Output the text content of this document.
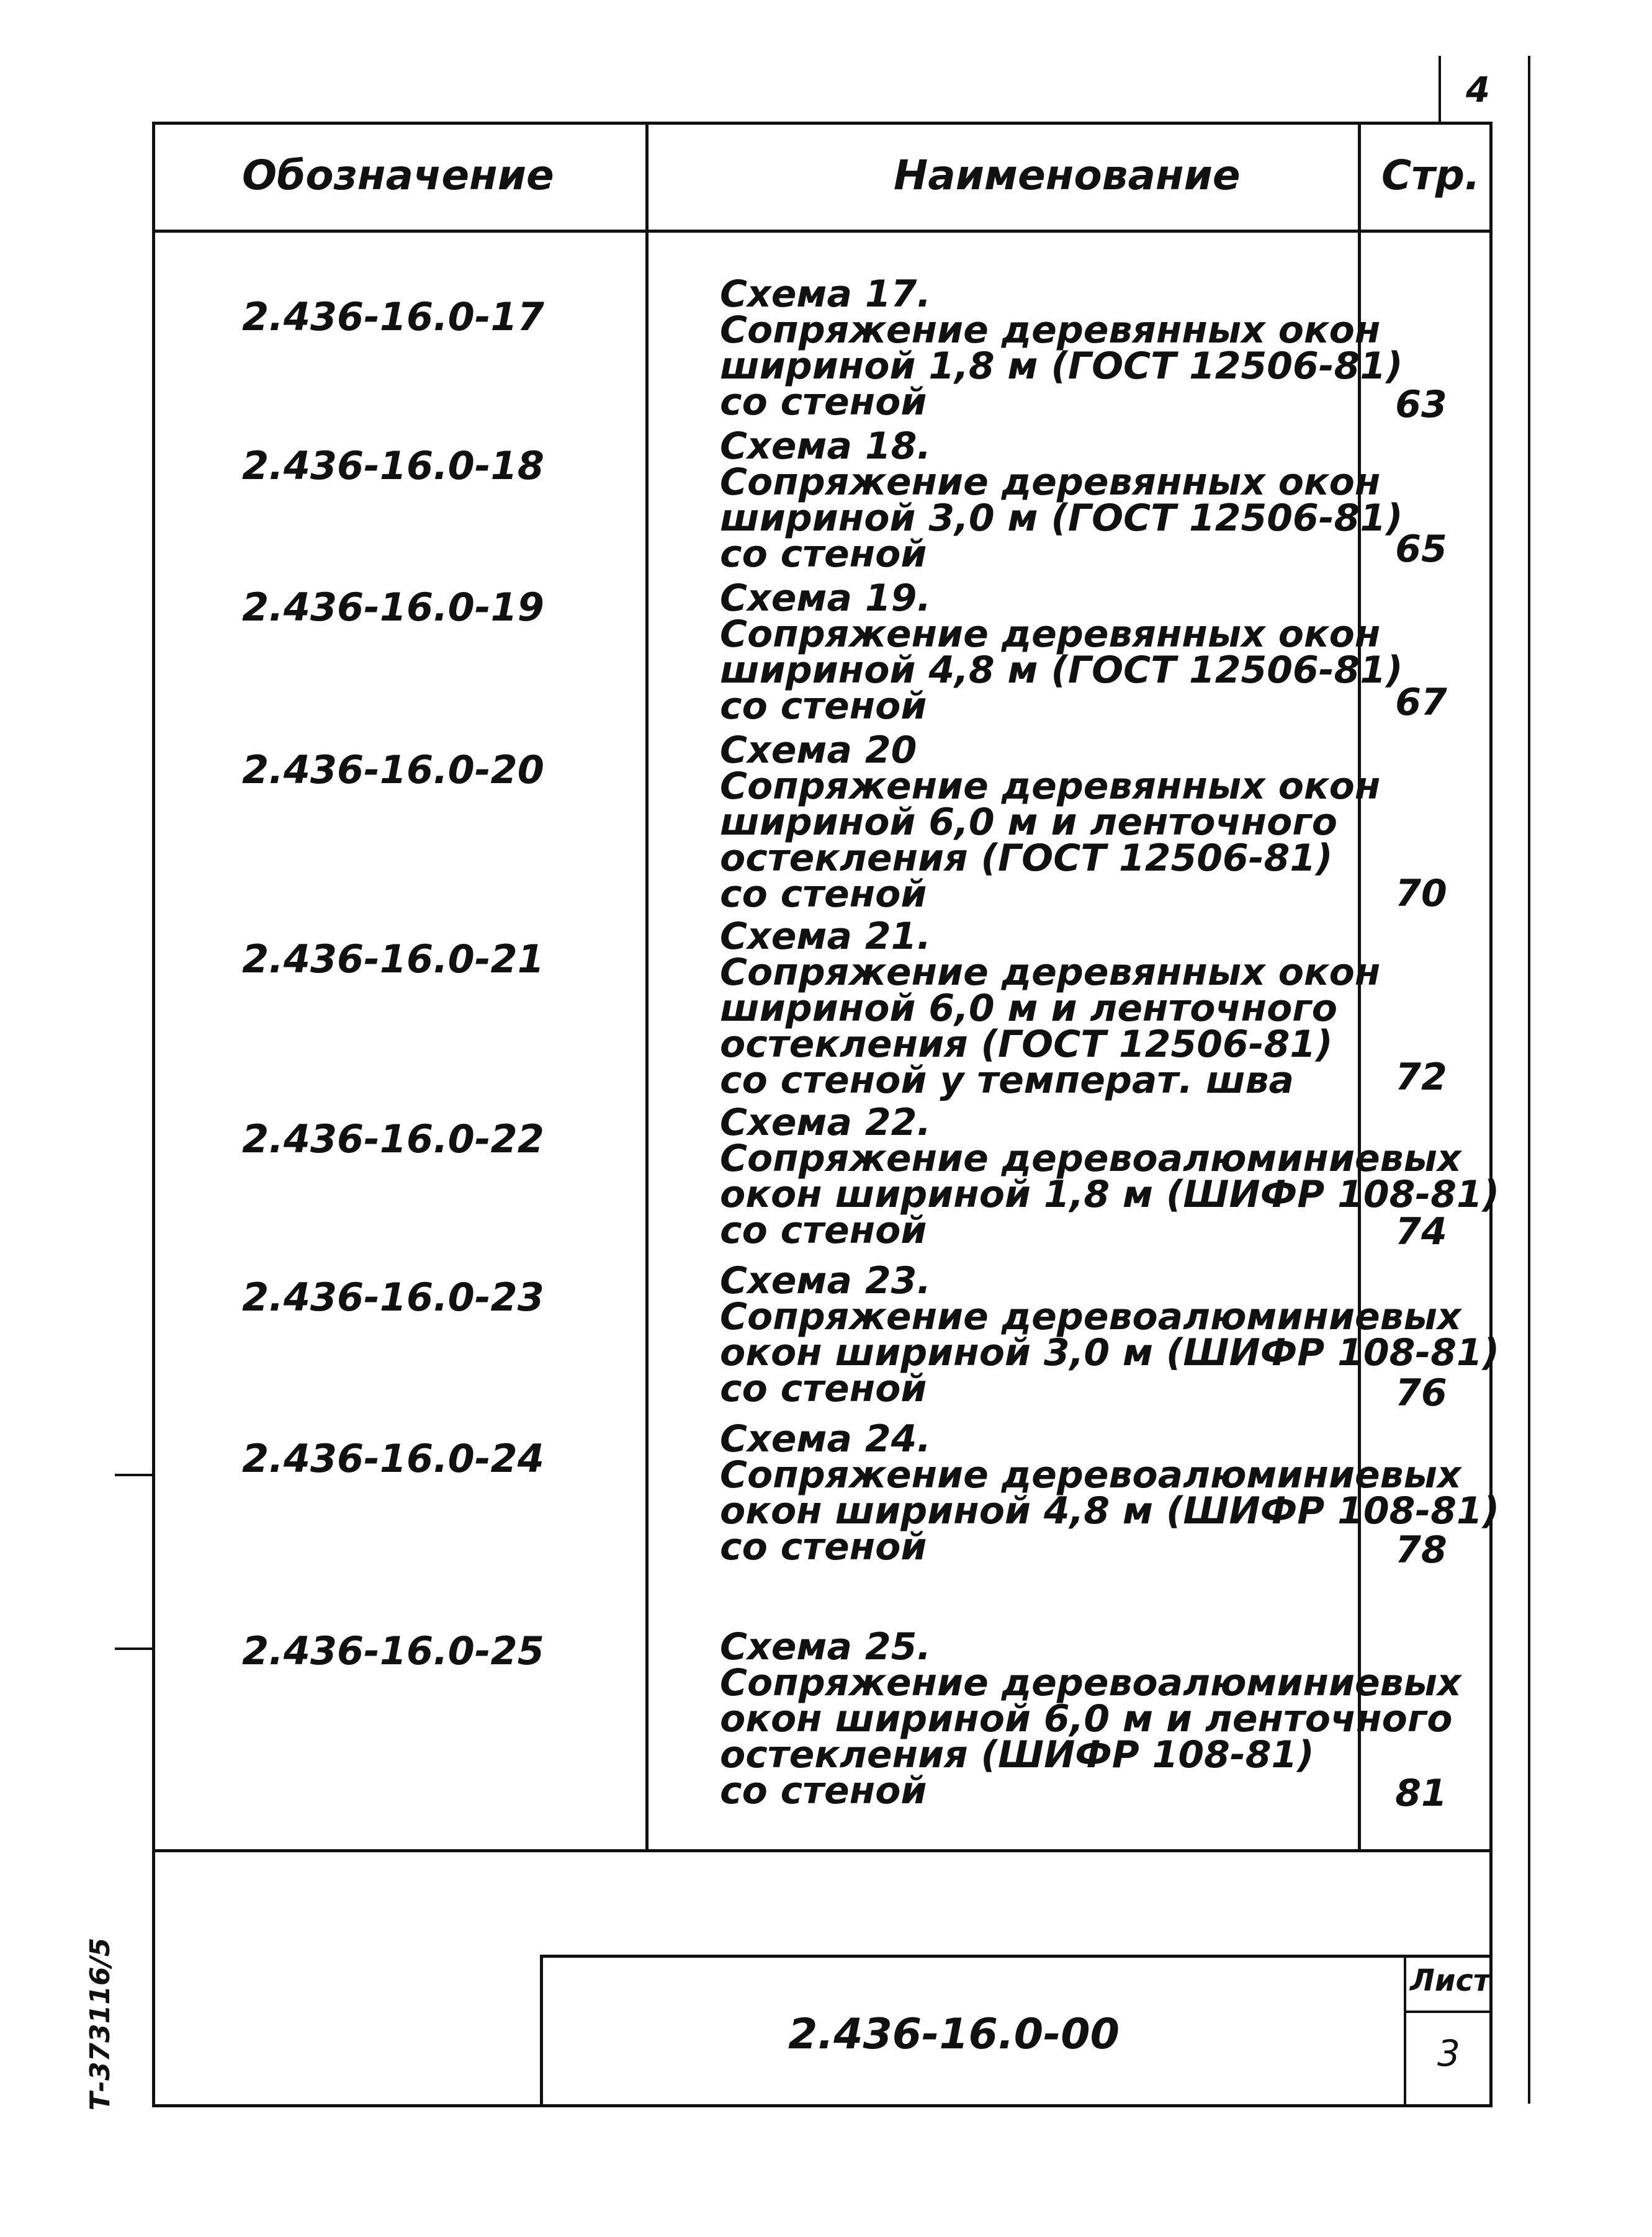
4
Обозначение	Наименование	Стр.
2.436-16.0-17	Схема 17.
Сопряжение деревянных окон
шириной 1,8 м (ГОСТ 12506-81)
со стеной	63
2.436-16.0-18	Схема 18.
Сопряжение деревянных окон
шириной 3,0 м (ГОСТ 12506-81)
со стеной	65
2.436-16.0-19	Схема 19.
Сопряжение деревянных окон
шириной 4,8 м (ГОСТ 12506-81)
со стеной	67
2.436-16.0-20	Схема 20
Сопряжение деревянных окон
шириной 6,0 м и ленточного
остекления (ГОСТ 12506-81)
со стеной	70
2.436-16.0-21	Схема 21.
Сопряжение деревянных окон
шириной 6,0 м и ленточного
остекления (ГОСТ 12506-81)
со стеной у температ. шва	72
2.436-16.0-22	Схема 22.
Сопряжение деревоалюминиевых
окон шириной 1,8 м (ШИФР 108-81)
со стеной	74
2.436-16.0-23	Схема 23.
Сопряжение деревоалюминиевых
окон шириной 3,0 м (ШИФР 108-81)
со стеной	76
2.436-16.0-24	Схема 24.
Сопряжение деревоалюминиевых
окон шириной 4,8 м (ШИФР 108-81)
со стеной	78
2.436-16.0-25	Схема 25.
Сопряжение деревоалюминиевых
окон шириной 6,0 м и ленточного
остекления (ШИФР 108-81)
со стеной	81
2.436-16.0-00
Лист
3
Т-373116/5
